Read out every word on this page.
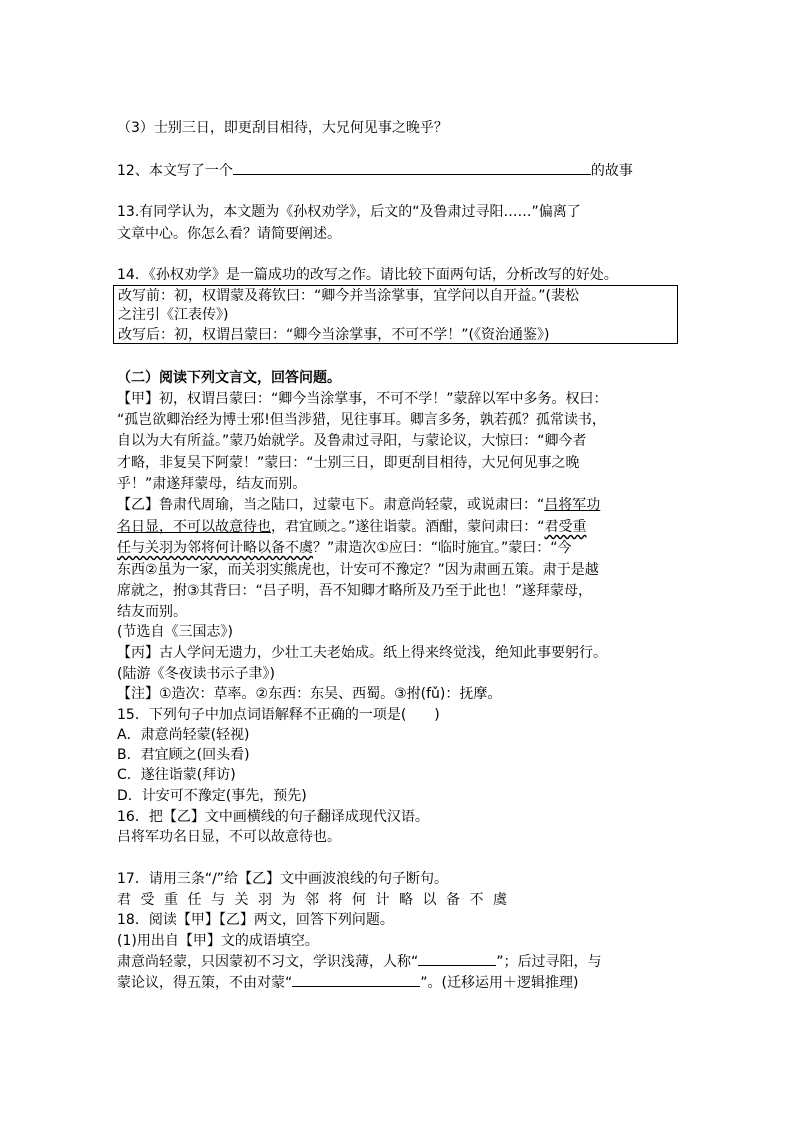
（3）士别三日，即更刮目相待，大兄何见事之晚乎？
12、本文写了一个	的故事
13.有同学认为，本文题为《孙权劝学》，后文的“及鲁肃过寻阳……”偏离了
文章中心。你怎么看？请简要阐述。
14．《孙权劝学》是一篇成功的改写之作。请比较下面两句话，分析改写的好处。
改写前：初，权谓蒙及蒋钦曰：“卿今并当涂掌事，宜学问以自开益。”(裴松
之注引《江表传》)
改写后：初，权谓吕蒙曰：“卿今当涂掌事，不可不学！”(《资治通鉴》)
（二）阅读下列文言文，回答问题。
【甲】初，权谓吕蒙曰：“卿今当涂掌事，不可不学！”蒙辞以军中多务。权曰：
“孤岂欲卿治经为博士邪!但当涉猎，见往事耳。卿言多务，孰若孤？孤常读书，
自以为大有所益。”蒙乃始就学。及鲁肃过寻阳，与蒙论议，大惊曰：“卿今者
才略，非复吴下阿蒙！”蒙曰：“士别三日，即更刮目相待，大兄何见事之晚
乎！”肃遂拜蒙母，结友而别。
【乙】鲁肃代周瑜，当之陆口，过蒙屯下。肃意尚轻蒙，或说肃曰：“吕将军功
名日显，不可以故意待也，君宜顾之。”遂往诣蒙。酒酣，蒙问肃曰：“君受重
任与关羽为邻将何计略以备不虞？”肃造次①应曰：“临时施宜。”蒙曰：“今
东西②虽为一家，而关羽实熊虎也，计安可不豫定？”因为肃画五策。肃于是越
席就之，拊③其背曰：“吕子明，吾不知卿才略所及乃至于此也！”遂拜蒙母，
结友而别。
(节选自《三国志》)
【丙】古人学问无遗力，少壮工夫老始成。纸上得来终觉浅，绝知此事要躬行。
(陆游《冬夜读书示子聿》)
【注】①造次：草率。②东西：东吴、西蜀。③拊(fǔ)：抚摩。
15．下列句子中加点词语解释不正确的一项是(　　)
A．肃意尚轻蒙(轻视)
B．君宜顾之(回头看)
C．遂往诣蒙(拜访)
D．计安可不豫定(事先，预先)
16．把【乙】文中画横线的句子翻译成现代汉语。
吕将军功名日显，不可以故意待也。
17．请用三条“/”给【乙】文中画波浪线的句子断句。
君受重任与关羽为邻将何计略以备不虞
18．阅读【甲】【乙】两文，回答下列问题。
(1)用出自【甲】文的成语填空。
肃意尚轻蒙，只因蒙初不习文，学识浅薄，人称“	”；后过寻阳，与
蒙论议，得五策，不由对蒙“	”。(迁移运用＋逻辑推理)
